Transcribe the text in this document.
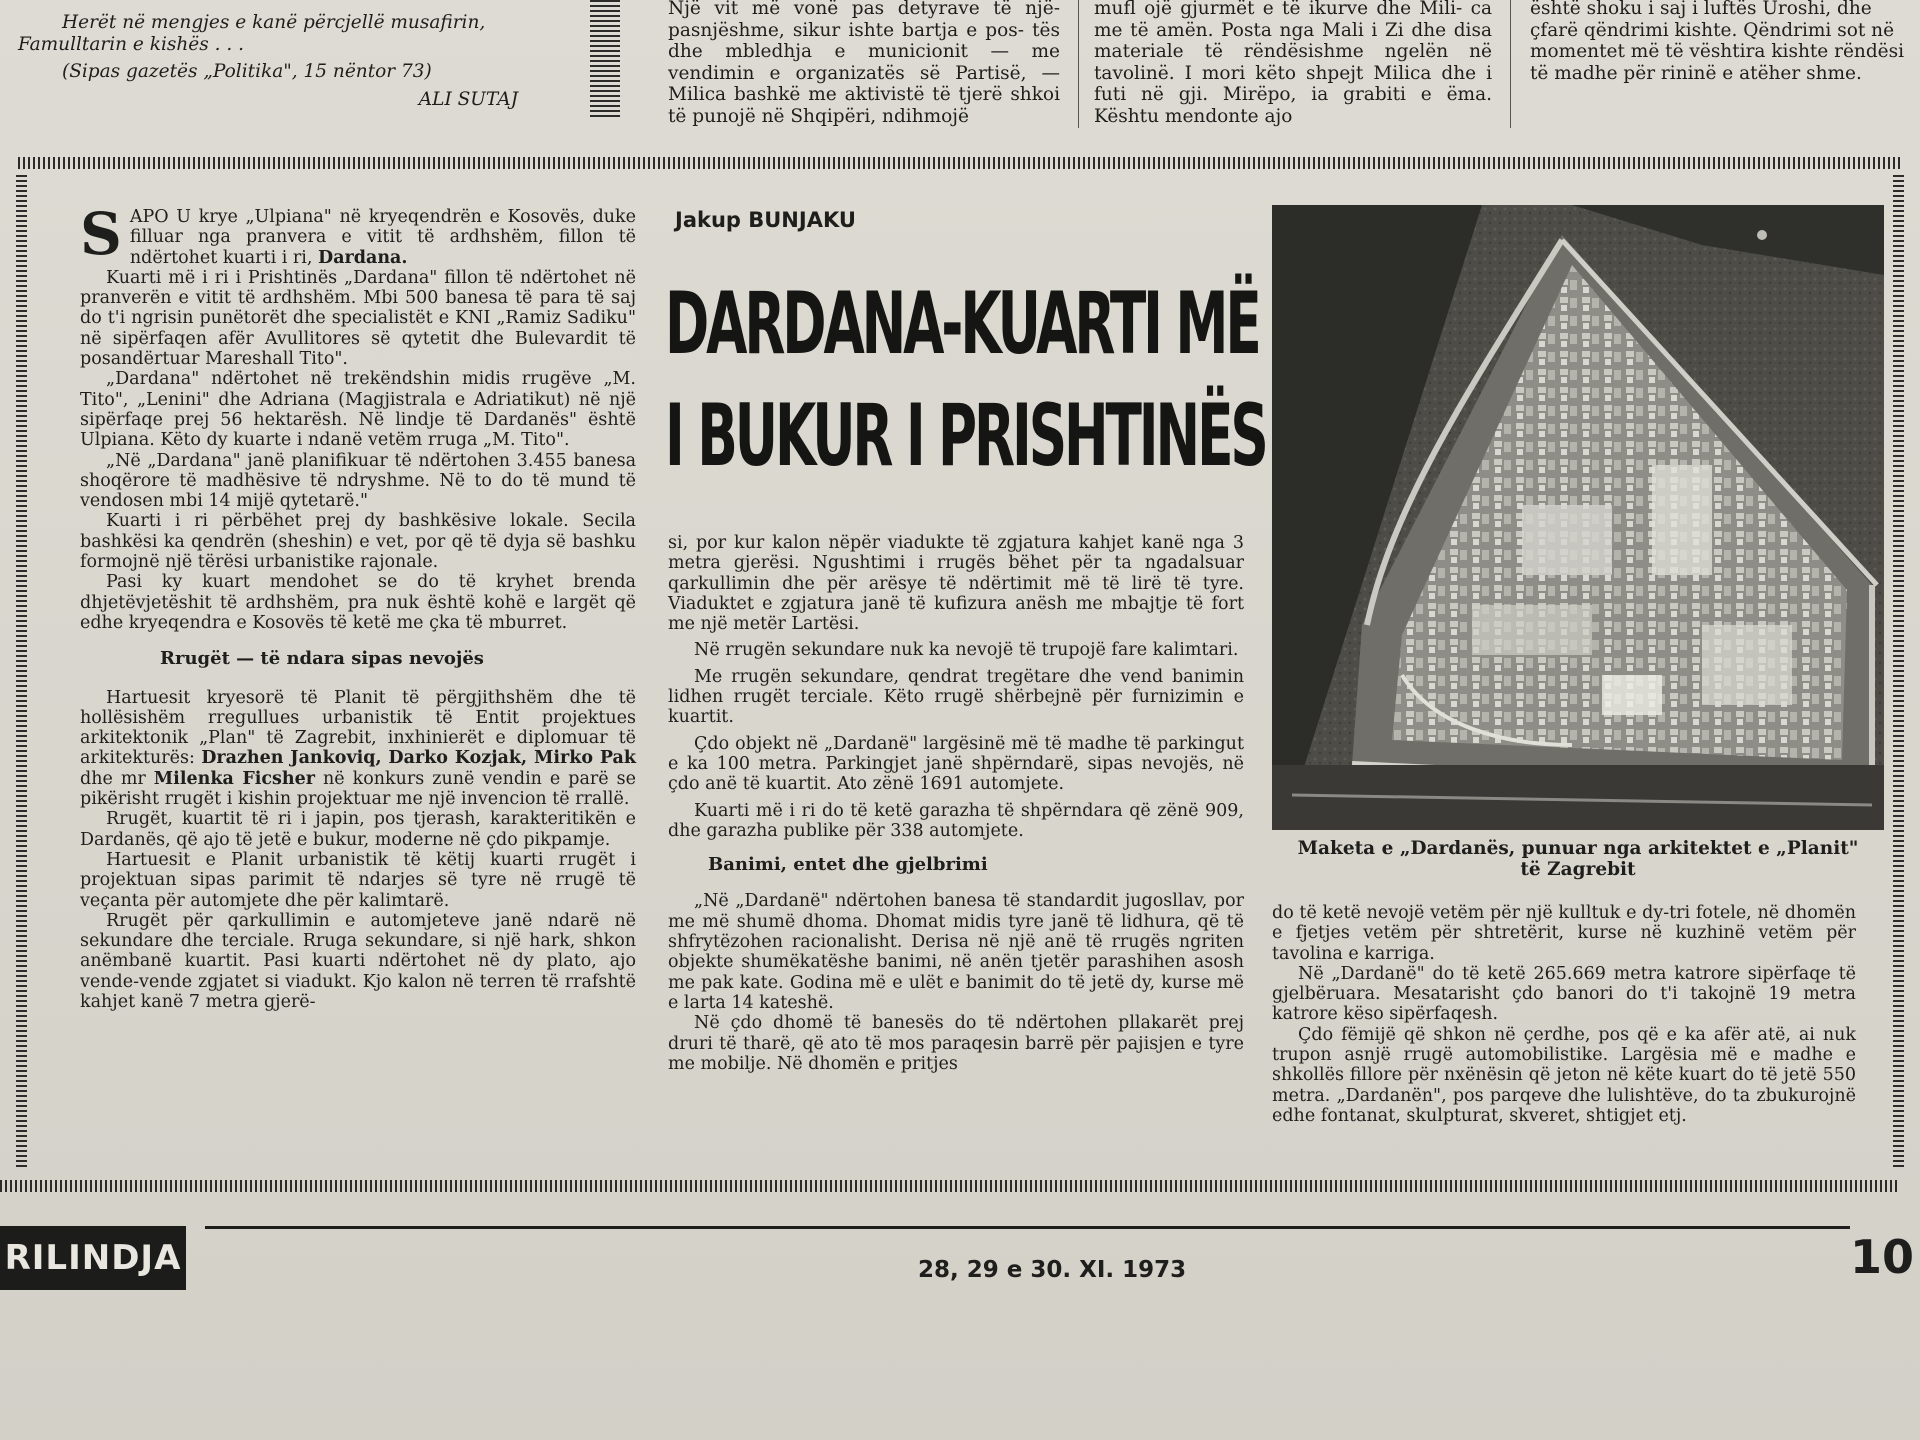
Herët në mengjes e kanë përcjellë musafirin,
Famulltarin e kishës . . .
(Sipas gazetës „Politika", 15 nëntor 73)
ALI SUTAJ
Një vit më vonë pas detyrave të një- pasnjëshme, sikur ishte bartja e pos- tës dhe mbledhja e municionit — me vendimin e organizatës së Partisë, — Milica bashkë me aktivistë të tjerë shkoi të punojë në Shqipëri, ndihmojë
mufl ojë gjurmët e të ikurve dhe Mili- ca me të amën. Posta nga Mali i Zi dhe disa materiale të rëndësishme ngelën në tavolinë. I mori këto shpejt Milica dhe i futi në gji. Mirëpo, ia grabiti e ëma. Kështu mendonte ajo
është shoku i saj i luftës Uroshi, dhe çfarë qëndrimi kishte. Qëndrimi sot në momentet më të vështira kishte rëndësi të madhe për rininë e atëher shme.

SAPO U krye „Ulpiana" në kryeqendrën e Kosovës, duke filluar nga pranvera e vitit të ardhshëm, fillon të ndërtohet kuarti i ri, Dardana.

Kuarti më i ri i Prishtinës „Dardana" fillon të ndërtohet në pranverën e vitit të ardhshëm. Mbi 500 banesa të para të saj do t'i ngrisin punëtorët dhe specialistët e KNI „Ramiz Sadiku" në sipërfaqen afër Avullitores së qytetit dhe Bulevardit të posandërtuar Mareshall Tito".

„Dardana" ndërtohet në trekëndshin midis rrugëve „M. Tito", „Lenini" dhe Adriana (Magjistrala e Adriatikut) në një sipërfaqe prej 56 hektarësh. Në lindje të Dardanës" është Ulpiana. Këto dy kuarte i ndanë vetëm rruga „M. Tito".

„Në „Dardana" janë planifikuar të ndërtohen 3.455 banesa shoqërore të madhësive të ndryshme. Në to do të mund të vendosen mbi 14 mijë qytetarë."

Kuarti i ri përbëhet prej dy bashkësive lokale. Secila bashkësi ka qendrën (sheshin) e vet, por që të dyja së bashku formojnë një tërësi urbanistike rajonale.

Pasi ky kuart mendohet se do të kryhet brenda dhjetëvjetëshit të ardhshëm, pra nuk është kohë e largët që edhe kryeqendra e Kosovës të ketë me çka të mburret.

Rrugët — të ndara sipas nevojës

Hartuesit kryesorë të Planit të përgjithshëm dhe të hollësishëm rregullues urbanistik të Entit projektues arkitektonik „Plan" të Zagrebit, inxhinierët e diplomuar të arkitekturës: Drazhen Jankoviq, Darko Kozjak, Mirko Pak dhe mr Milenka Ficsher në konkurs zunë vendin e parë se pikërisht rrugët i kishin projektuar me një invencion të rrallë.

Rrugët, kuartit të ri i japin, pos tjerash, karakteritikën e Dardanës, që ajo të jetë e bukur, moderne në çdo pikpamje.

Hartuesit e Planit urbanistik të këtij kuarti rrugët i projektuan sipas parimit të ndarjes së tyre në rrugë të veçanta për automjete dhe për kalimtarë.

Rrugët për qarkullimin e automjeteve janë ndarë në sekundare dhe terciale. Rruga sekundare, si një hark, shkon anëmbanë kuartit. Pasi kuarti ndërtohet në dy plato, ajo vende-vende zgjatet si viadukt. Kjo kalon në terren të rrafshtë kahjet kanë 7 metra gjerë-

Jakup BUNJAKU
DARDANA-KUARTI MË
I BUKUR I PRISHTINËS

si, por kur kalon nëpër viadukte të zgjatura kahjet kanë nga 3 metra gjerësi. Ngushtimi i rrugës bëhet për ta ngadalsuar qarkullimin dhe për arësye të ndërtimit më të lirë të tyre. Viaduktet e zgjatura janë të kufizura anësh me mbajtje të fort me një metër Lartësi.

Në rrugën sekundare nuk ka nevojë të trupojë fare kalimtari.

Me rrugën sekundare, qendrat tregëtare dhe vend banimin lidhen rrugët terciale. Këto rrugë shërbejnë për furnizimin e kuartit.

Çdo objekt në „Dardanë" largësinë më të madhe të parkingut e ka 100 metra. Parkingjet janë shpërndarë, sipas nevojës, në çdo anë të kuartit. Ato zënë 1691 automjete.

Kuarti më i ri do të ketë garazha të shpërndara që zënë 909, dhe garazha publike për 338 automjete.

Banimi, entet dhe gjelbrimi

„Në „Dardanë" ndërtohen banesa të standardit jugosllav, por me më shumë dhoma. Dhomat midis tyre janë të lidhura, që të shfrytëzohen racionalisht. Derisa në një anë të rrugës ngriten objekte shumëkatëshe banimi, në anën tjetër parashihen asosh me pak kate. Godina më e ulët e banimit do të jetë dy, kurse më e larta 14 kateshë.

Në çdo dhomë të banesës do të ndërtohen pllakarët prej druri të tharë, që ato të mos paraqesin barrë për pajisjen e tyre me mobilje. Në dhomën e pritjes

Maketa e „Dardanës, punuar nga arkitektet e „Planit"
të Zagrebit

do të ketë nevojë vetëm për një kulltuk e dy-tri fotele, në dhomën e fjetjes vetëm për shtretërit, kurse në kuzhinë vetëm për tavolina e karriga.

Në „Dardanë" do të ketë 265.669 metra katrore sipërfaqe të gjelbëruara. Mesatarisht çdo banori do t'i takojnë 19 metra katrore këso sipërfaqesh.

Çdo fëmijë që shkon në çerdhe, pos që e ka afër atë, ai nuk trupon asnjë rrugë automobilistike. Largësia më e madhe e shkollës fillore për nxënësin që jeton në këte kuart do të jetë 550 metra. „Dardanën", pos parqeve dhe lulishtëve, do ta zbukurojnë edhe fontanat, skulpturat, skveret, shtigjet etj.

RILINDJA	28, 29 e 30. XI. 1973	10
